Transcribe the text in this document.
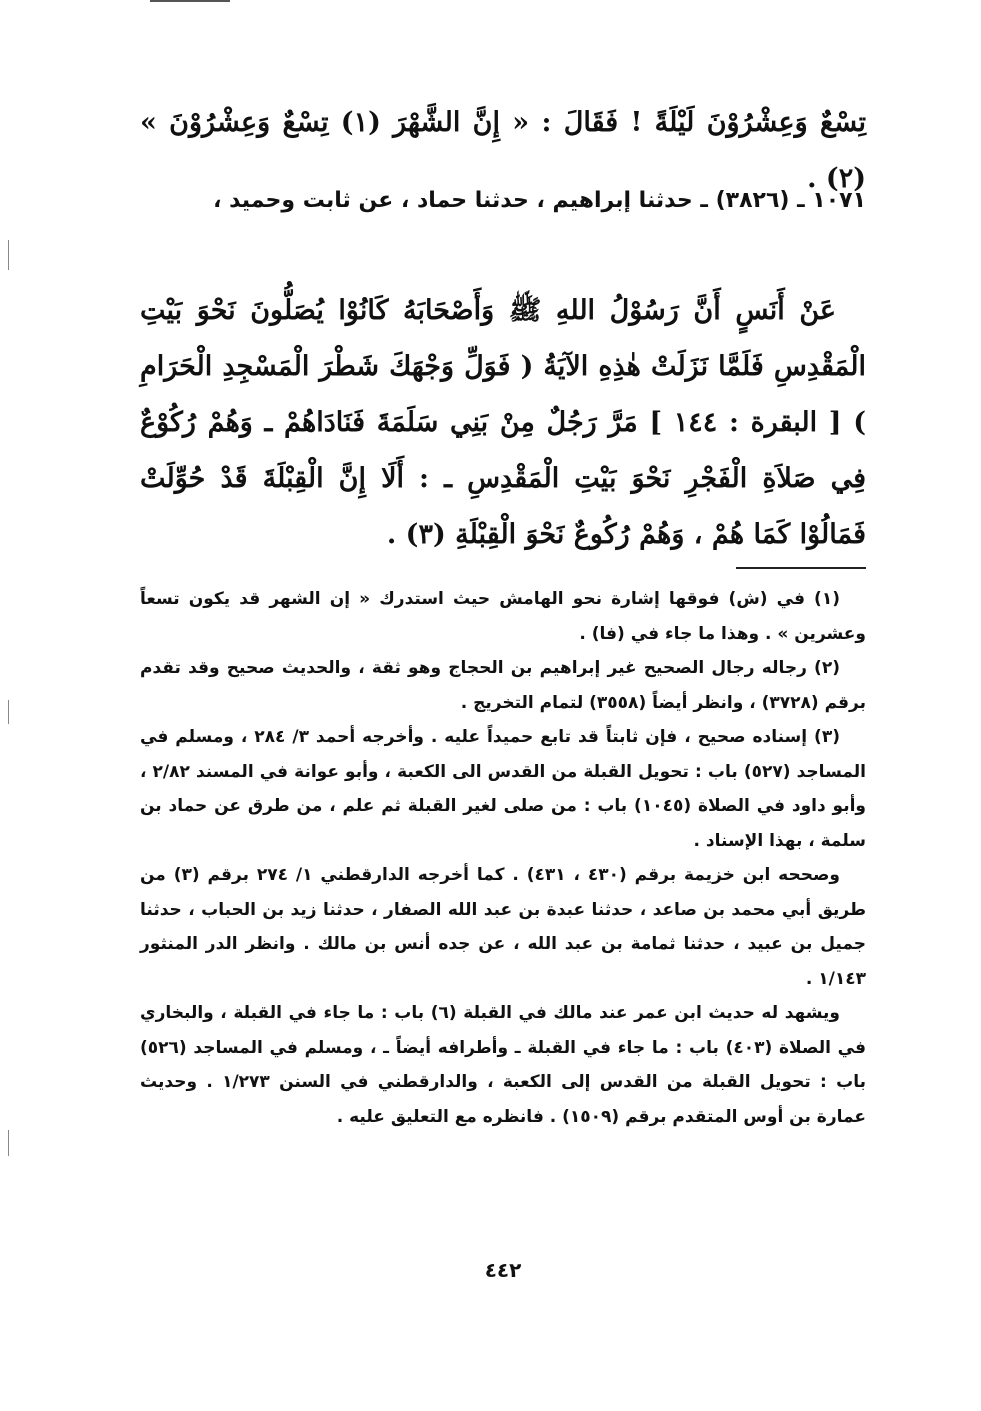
تِسْعٌ وَعِشْرُوْنَ لَيْلَةً ! فَقَالَ : « إِنَّ الشَّهْرَ (١) تِسْعٌ وَعِشْرُوْنَ » (٢) .
١٠٧١ ـ (٣٨٢٦) ـ حدثنا إبراهيم ، حدثنا حماد ، عن ثابت وحميد ،
عَنْ أَنَسٍ أَنَّ رَسُوْلُ اللهِ ﷺ وَأَصْحَابَهُ كَانُوْا يُصَلُّونَ نَحْوَ بَيْتِ الْمَقْدِسِ فَلَمَّا نَزَلَتْ هٰذِهِ الآيَةُ ( فَوَلِّ وَجْهَكَ شَطْرَ الْمَسْجِدِ الْحَرَامِ ) [ البقرة : ١٤٤ ] مَرَّ رَجُلٌ مِنْ بَنِي سَلَمَةَ فَنَادَاهُمْ ـ وَهُمْ رُكُوْعٌ فِي صَلاَةِ الْفَجْرِ نَحْوَ بَيْتِ الْمَقْدِسِ ـ : أَلَا إِنَّ الْقِبْلَةَ قَدْ حُوِّلَتْ فَمَالُوْا كَمَا هُمْ ، وَهُمْ رُكُوعٌ نَحْوَ الْقِبْلَةِ (٣) .

(١) في (ش) فوقها إشارة نحو الهامش حيث استدرك « إن الشهر قد يكون تسعاً وعشرين » . وهذا ما جاء في (فا) .

(٢) رجاله رجال الصحيح غير إبراهيم بن الحجاج وهو ثقة ، والحديث صحيح وقد تقدم برقم (٣٧٢٨) ، وانظر أيضاً (٣٥٥٨) لتمام التخريج .

(٣) إسناده صحيح ، فإن ثابتاً قد تابع حميداً عليه . وأخرجه أحمد ٣/ ٢٨٤ ، ومسلم في المساجد (٥٢٧) باب : تحويل القبلة من القدس الى الكعبة ، وأبو عوانة في المسند ٢/٨٢ ، وأبو داود في الصلاة (١٠٤٥) باب : من صلى لغير القبلة ثم علم ، من طرق عن حماد بن سلمة ، بهذا الإسناد .

وصححه ابن خزيمة برقم (٤٣٠ ، ٤٣١) . كما أخرجه الدارقطني ١/ ٢٧٤ برقم (٣) من طريق أبي محمد بن صاعد ، حدثنا عبدة بن عبد الله الصفار ، حدثنا زيد بن الحباب ، حدثنا جميل بن عبيد ، حدثنا ثمامة بن عبد الله ، عن جده أنس بن مالك . وانظر الدر المنثور ١/١٤٣ .

ويشهد له حديث ابن عمر عند مالك في القبلة (٦) باب : ما جاء في القبلة ، والبخاري في الصلاة (٤٠٣) باب : ما جاء في القبلة ـ وأطرافه أيضاً ـ ، ومسلم في المساجد (٥٢٦) باب : تحويل القبلة من القدس إلى الكعبة ، والدارقطني في السنن ١/٢٧٣ . وحديث عمارة بن أوس المتقدم برقم (١٥٠٩) . فانظره مع التعليق عليه .

٤٤٢
